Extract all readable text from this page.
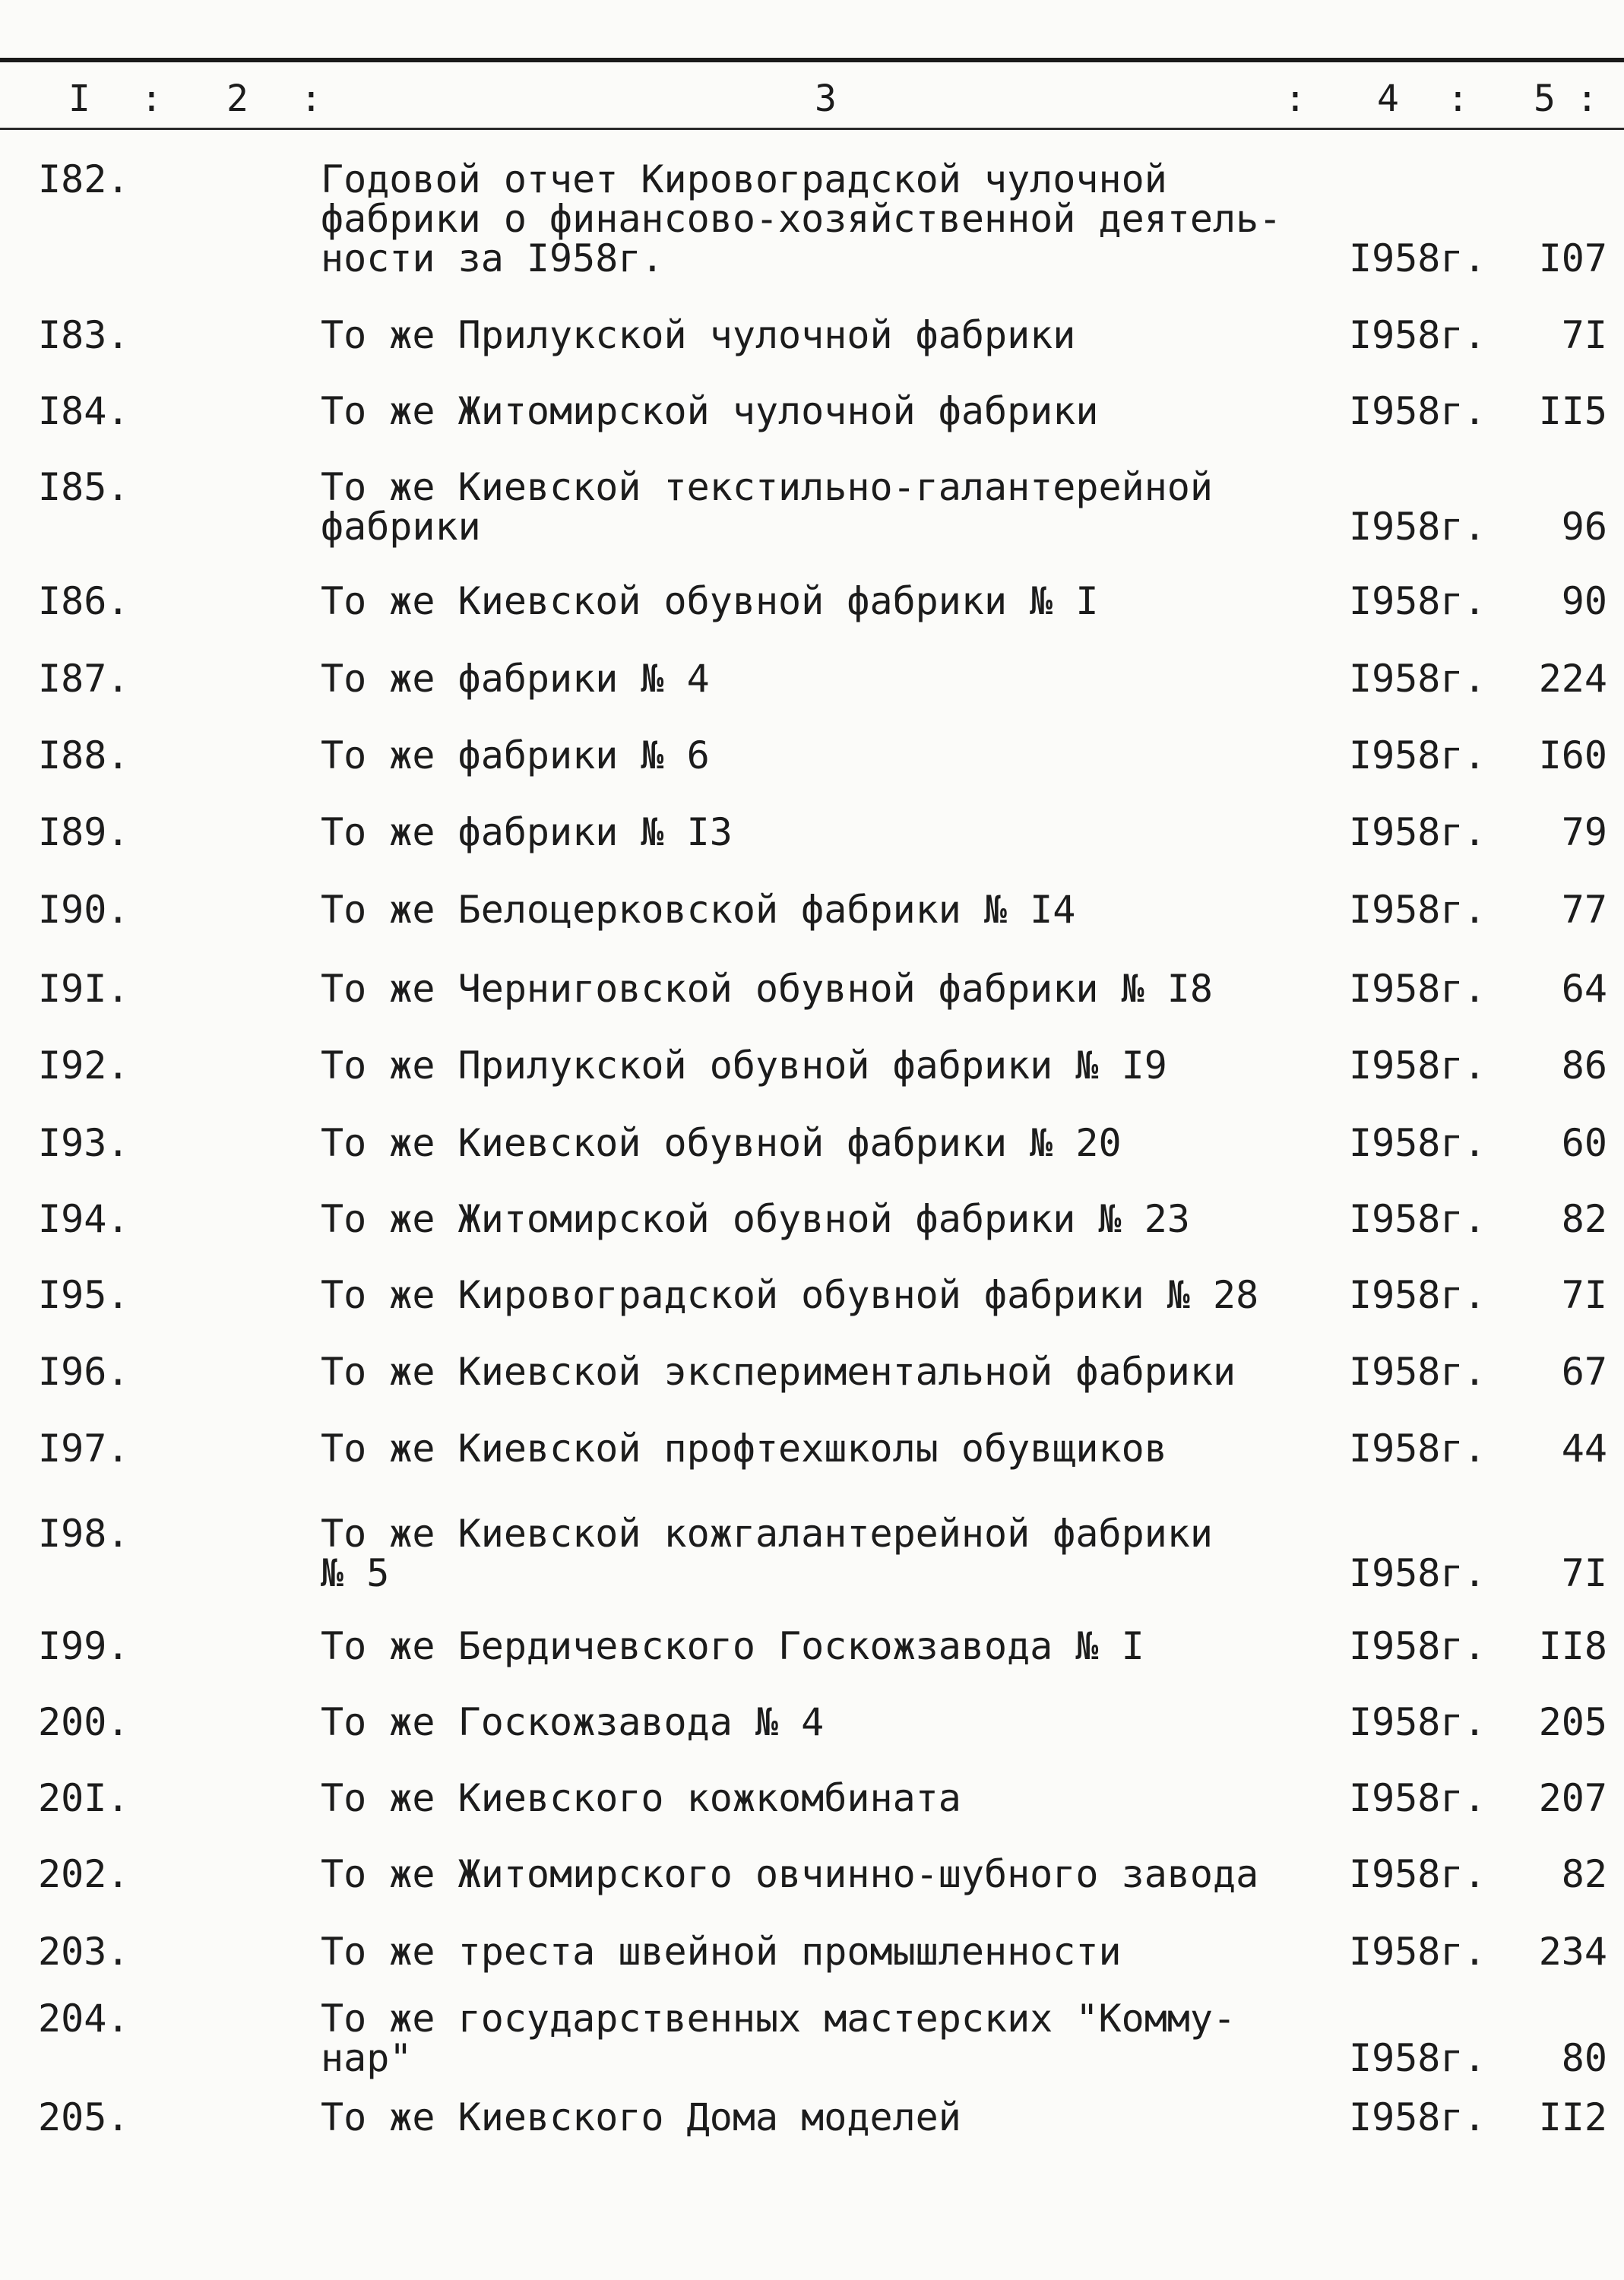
I : 2 :	3	: 4 : 5 :
I82.	Годовой отчет Кировоградской чулочной
фабрики о финансово-хозяйственной деятель-
ности за I958г.	I958г.	I07
I83.	То же Прилукской чулочной фабрики	I958г.	7I
I84.	То же Житомирской чулочной фабрики	I958г.	II5
I85.	То же Киевской текстильно-галантерейной
фабрики	I958г.	96
I86.	То же Киевской обувной фабрики № I	I958г.	90
I87.	То же фабрики № 4	I958г.	224
I88.	То же фабрики № 6	I958г.	I60
I89.	То же фабрики № I3	I958г.	79
I90.	То же Белоцерковской фабрики № I4	I958г.	77
I9I.	То же Черниговской обувной фабрики № I8	I958г.	64
I92.	То же Прилукской обувной фабрики № I9	I958г.	86
I93.	То же Киевской обувной фабрики № 20	I958г.	60
I94.	То же Житомирской обувной фабрики № 23	I958г.	82
I95.	То же Кировоградской обувной фабрики № 28	I958г.	7I
I96.	То же Киевской экспериментальной фабрики	I958г.	67
I97.	То же Киевской профтехшколы обувщиков	I958г.	44
I98.	То же Киевской кожгалантерейной фабрики
№ 5	I958г.	7I
I99.	То же Бердичевского Госкожзавода № I	I958г.	II8
200.	То же Госкожзавода № 4	I958г.	205
20I.	То же Киевского кожкомбината	I958г.	207
202.	То же Житомирского овчинно-шубного завода	I958г.	82
203.	То же треста швейной промышленности	I958г.	234
204.	То же государственных мастерских "Комму-
нар"	I958г.	80
205.	То же Киевского Дома моделей	I958г.	II2
